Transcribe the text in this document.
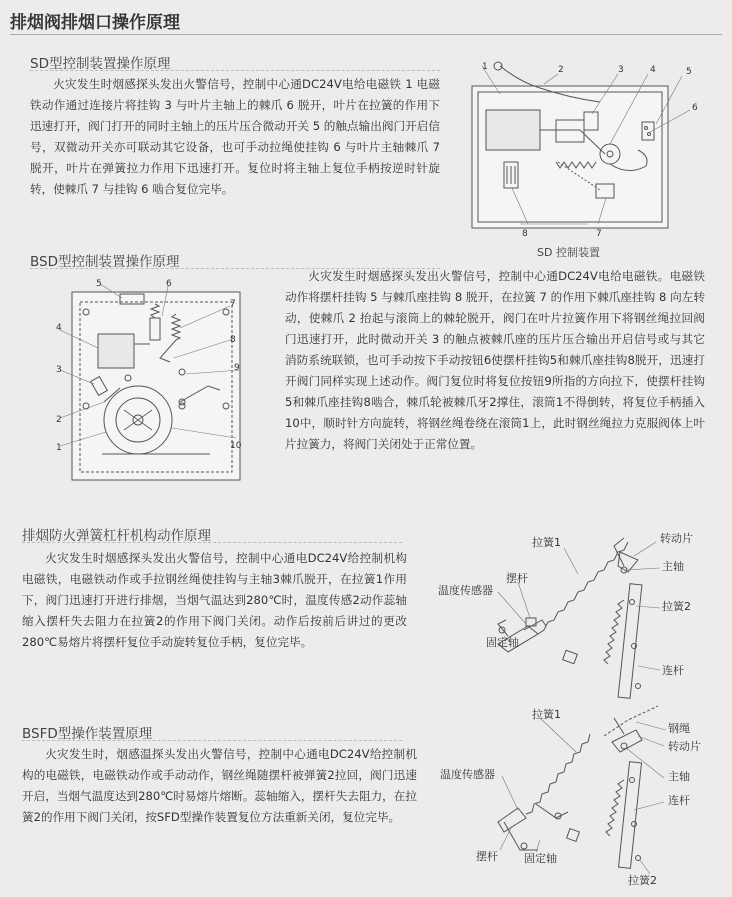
排烟阀排烟口操作原理
SD型控制装置操作原理
火灾发生时烟感探头发出火警信号，控制中心通DC24V电给电磁铁 1 电磁铁动作通过连接片将挂钩 3 与叶片主轴上的棘爪 6 脱开，叶片在拉簧的作用下迅速打开，阀门打开的同时主轴上的压片压合微动开关 5 的触点输出阀门开启信号，双微动开关亦可联动其它设备，也可手动拉绳使挂钩 6 与叶片主轴棘爪 7 脱开，叶片在弹簧拉力作用下迅速打开。复位时将主轴上复位手柄按逆时针旋转，使棘爪 7 与挂钩 6 啮合复位完毕。
1	2	3	4	5
6
7
8
SD 控制装置
BSD型控制装置操作原理
5	6
7
8
9
10
4
3
2
1
火灾发生时烟感探头发出火警信号，控制中心通DC24V电给电磁铁。电磁铁动作将摆杆挂钩 5 与棘爪座挂钩 8 脱开，在拉簧 7 的作用下棘爪座挂钩 8 向左转动，使棘爪 2 抬起与滚筒上的棘轮脱开，阀门在叶片拉簧作用下将钢丝绳拉回阀门迅速打开，此时微动开关 3 的触点被棘爪座的压片压合输出开启信号或与其它消防系统联锁，也可手动按下手动按钮6使摆杆挂钩5和棘爪座挂钩8脱开，迅速打开阀门同样实现上述动作。阀门复位时将复位按钮9所指的方向拉下，使摆杆挂钩5和棘爪座挂钩8啮合，棘爪轮被棘爪牙2撑住，滚筒1不得倒转，将复位手柄插入10中，顺时针方向旋转，将钢丝绳卷绕在滚筒1上，此时钢丝绳拉力克服阀体上叶片拉簧力，将阀门关闭处于正常位置。
排烟防火弹簧杠杆机构动作原理
火灾发生时烟感探头发出火警信号，控制中心通电DC24V给控制机构电磁铁，电磁铁动作或手拉钢丝绳使挂钩与主轴3棘爪脱开，在拉簧1作用下，阀门迅速打开进行排烟，当烟气温达到280℃时，温度传感2动作蕊轴缩入摆杆失去阻力在拉簧2的作用下阀门关闭。动作后按前后讲过的更改280℃易熔片将摆杆复位手动旋转复位手柄，复位完毕。
拉簧1	转动片
主轴
摆杆
温度传感器
拉簧2
固定轴
连杆
BSFD型操作装置原理
火灾发生时，烟感温探头发出火警信号，控制中心通电DC24V给控制机构的电磁铁，电磁铁动作或手动动作，钢丝绳随摆杆被弹簧2拉回，阀门迅速开启，当烟气温度达到280℃时易熔片熔断。蕊轴缩入，摆杆失去阻力，在拉簧2的作用下阀门关闭，按SFD型操作装置复位方法重新关闭，复位完毕。
拉簧1
钢绳
转动片
温度传感器	主轴
连杆
摆杆 固定轴
拉簧2
